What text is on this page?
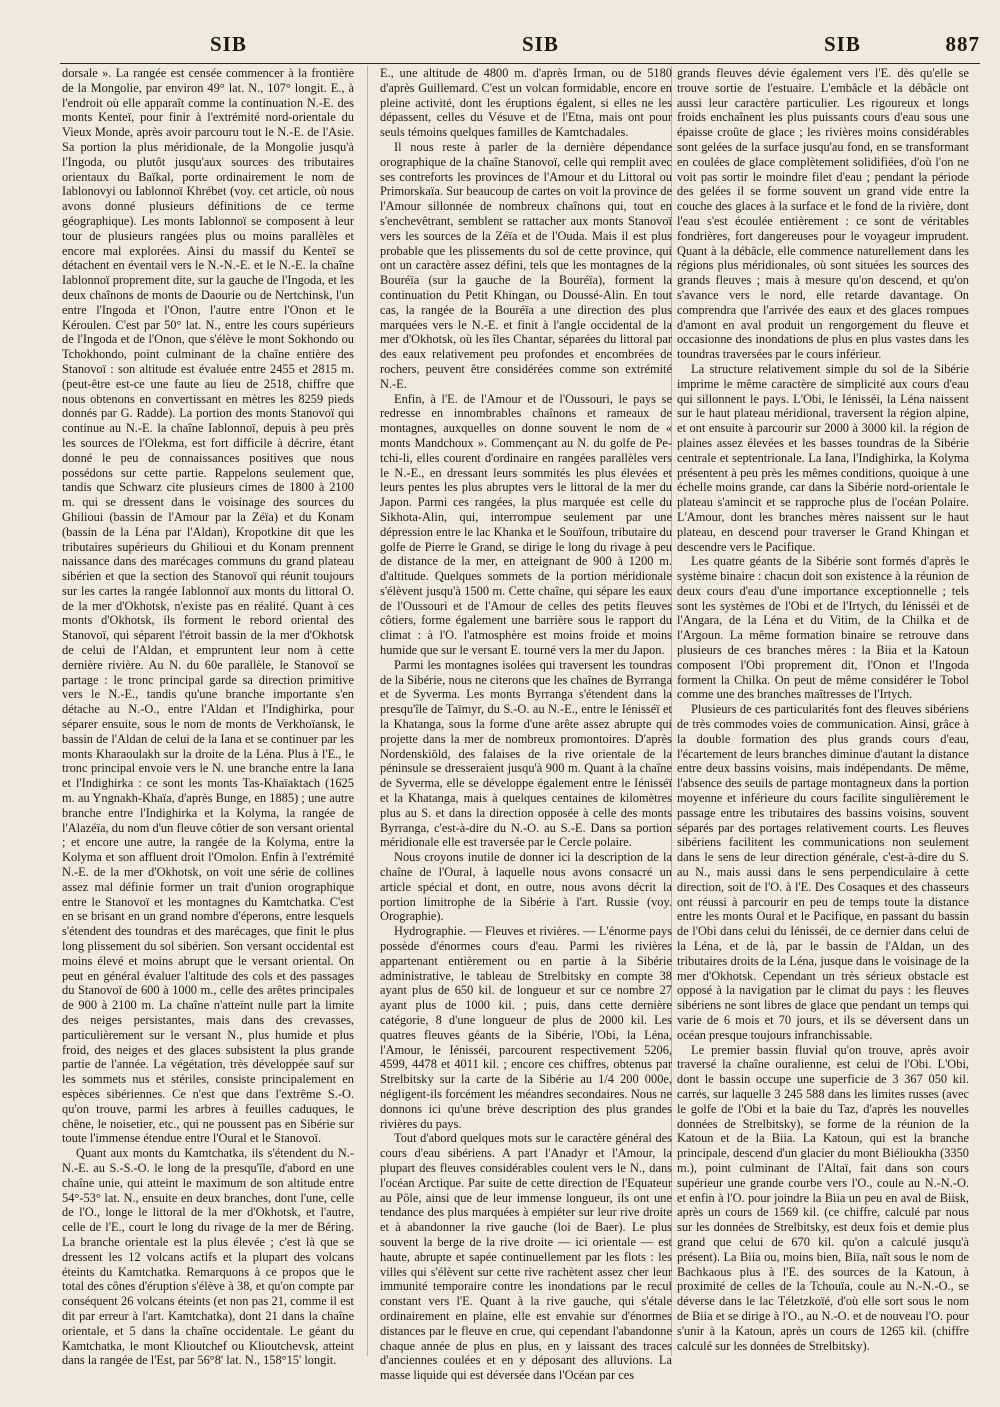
SIB	SIB	SIB	887

dorsale ». La rangée est censée commencer à la frontière de la Mongolie, par environ 49° lat. N., 107° longit. E., à l'endroit où elle apparaît comme la continuation N.-E. des monts Kenteï, pour finir à l'extrémité nord-orientale du Vieux Monde, après avoir parcouru tout le N.-E. de l'Asie. Sa portion la plus méridionale, de la Mongolie jusqu'à l'Ingoda, ou plutôt jusqu'aux sources des tributaires orientaux du Baïkal, porte ordinairement le nom de Iablonovyi ou Iablonnoï Khrébet (voy. cet article, où nous avons donné plusieurs définitions de ce terme géographique). Les monts Iablonnoï se composent à leur tour de plusieurs rangées plus ou moins parallèles et encore mal explorées. Ainsi du massif du Kenteï se détachent en éventail vers le N.-N.-E. et le N.-E. la chaîne Iablonnoï proprement dite, sur la gauche de l'Ingoda, et les deux chaînons de monts de Daourie ou de Nertchinsk, l'un entre l'Ingoda et l'Onon, l'autre entre l'Onon et le Kéroulen. C'est par 50° lat. N., entre les cours supérieurs de l'Ingoda et de l'Onon, que s'élève le mont Sokhondo ou Tchokhondo, point culminant de la chaîne entière des Stanovoï : son altitude est évaluée entre 2455 et 2815 m. (peut-être est-ce une faute au lieu de 2518, chiffre que nous obtenons en convertissant en mètres les 8259 pieds donnés par G. Radde). La portion des monts Stanovoï qui continue au N.-E. la chaîne Iablonnoï, depuis à peu près les sources de l'Olekma, est fort difficile à décrire, étant donné le peu de connaissances positives que nous possédons sur cette partie. Rappelons seulement que, tandis que Schwarz cite plusieurs cimes de 1800 à 2100 m. qui se dressent dans le voisinage des sources du Ghilioui (bassin de l'Amour par la Zéïa) et du Konam (bassin de la Léna par l'Aldan), Kropotkine dit que les tributaires supérieurs du Ghilioui et du Konam prennent naissance dans des marécages communs du grand plateau sibérien et que la section des Stanovoï qui réunit toujours sur les cartes la rangée Iablonnoï aux monts du littoral O. de la mer d'Okhotsk, n'existe pas en réalité. Quant à ces monts d'Okhotsk, ils forment le rebord oriental des Stanovoï, qui séparent l'étroit bassin de la mer d'Okhotsk de celui de l'Aldan, et empruntent leur nom à cette dernière rivière. Au N. du 60e parallèle, le Stanovoï se partage : le tronc principal garde sa direction primitive vers le N.-E., tandis qu'une branche importante s'en détache au N.-O., entre l'Aldan et l'Indighirka, pour séparer ensuite, sous le nom de monts de Verkhoïansk, le bassin de l'Aldan de celui de la Iana et se continuer par les monts Kharaoulakh sur la droite de la Léna. Plus à l'E., le tronc principal envoie vers le N. une branche entre la Iana et l'Indighirka : ce sont les monts Tas-Khaïaktach (1625 m. au Yngnakh-Khaïa, d'après Bunge, en 1885) ; une autre branche entre l'Indighirka et la Kolyma, la rangée de l'Alazéïa, du nom d'un fleuve côtier de son versant oriental ; et encore une autre, la rangée de la Kolyma, entre la Kolyma et son affluent droit l'Omolon. Enfin à l'extrémité N.-E. de la mer d'Okhotsk, on voit une série de collines assez mal définie former un trait d'union orographique entre le Stanovoï et les montagnes du Kamtchatka. C'est en se brisant en un grand nombre d'éperons, entre lesquels s'étendent des toundras et des marécages, que finit le plus long plissement du sol sibérien. Son versant occidental est moins élevé et moins abrupt que le versant oriental. On peut en général évaluer l'altitude des cols et des passages du Stanovoï de 600 à 1000 m., celle des arêtes principales de 900 à 2100 m. La chaîne n'atteint nulle part la limite des neiges persistantes, mais dans des crevasses, particulièrement sur le versant N., plus humide et plus froid, des neiges et des glaces subsistent la plus grande partie de l'année. La végétation, très développée sauf sur les sommets nus et stériles, consiste principalement en espèces sibériennes. Ce n'est que dans l'extrême S.-O. qu'on trouve, parmi les arbres à feuilles caduques, le chêne, le noisetier, etc., qui ne poussent pas en Sibérie sur toute l'immense étendue entre l'Oural et le Stanovoï.

Quant aux monts du Kamtchatka, ils s'étendent du N.-N.-E. au S.-S.-O. le long de la presqu'île, d'abord en une chaîne unie, qui atteint le maximum de son altitude entre 54°-53° lat. N., ensuite en deux branches, dont l'une, celle de l'O., longe le littoral de la mer d'Okhotsk, et l'autre, celle de l'E., court le long du rivage de la mer de Béring. La branche orientale est la plus élevée ; c'est là que se dressent les 12 volcans actifs et la plupart des volcans éteints du Kamtchatka. Remarquons à ce propos que le total des cônes d'éruption s'élève à 38, et qu'on compte par conséquent 26 volcans éteints (et non pas 21, comme il est dit par erreur à l'art. Kamtchatka), dont 21 dans la chaîne orientale, et 5 dans la chaîne occidentale. Le géant du Kamtchatka, le mont Klioutchef ou Klioutchevsk, atteint dans la rangée de l'Est, par 56°8' lat. N., 158°15' longit.

E., une altitude de 4800 m. d'après Irman, ou de 5180 d'après Guillemard. C'est un volcan formidable, encore en pleine activité, dont les éruptions égalent, si elles ne les dépassent, celles du Vésuve et de l'Etna, mais ont pour seuls témoins quelques familles de Kamtchadales.

Il nous reste à parler de la dernière dépendance orographique de la chaîne Stanovoï, celle qui remplit avec ses contreforts les provinces de l'Amour et du Littoral ou Primorskaïa. Sur beaucoup de cartes on voit la province de l'Amour sillonnée de nombreux chaînons qui, tout en s'enchevêtrant, semblent se rattacher aux monts Stanovoï vers les sources de la Zéïa et de l'Ouda. Mais il est plus probable que les plissements du sol de cette province, qui ont un caractère assez défini, tels que les montagnes de la Bouréïa (sur la gauche de la Bouréïa), forment la continuation du Petit Khingan, ou Doussé-Alin. En tout cas, la rangée de la Bouréïa a une direction des plus marquées vers le N.-E. et finit à l'angle occidental de la mer d'Okhotsk, où les îles Chantar, séparées du littoral par des eaux relativement peu profondes et encombrées de rochers, peuvent être considérées comme son extrémité N.-E.

Enfin, à l'E. de l'Amour et de l'Oussouri, le pays se redresse en innombrables chaînons et rameaux de montagnes, auxquelles on donne souvent le nom de « monts Mandchoux ». Commençant au N. du golfe de Pe-tchi-li, elles courent d'ordinaire en rangées parallèles vers le N.-E., en dressant leurs sommités les plus élevées et leurs pentes les plus abruptes vers le littoral de la mer du Japon. Parmi ces rangées, la plus marquée est celle du Sikhota-Alin, qui, interrompue seulement par une dépression entre le lac Khanka et le Souïfoun, tributaire du golfe de Pierre le Grand, se dirige le long du rivage à peu de distance de la mer, en atteignant de 900 à 1200 m. d'altitude. Quelques sommets de la portion méridionale s'élèvent jusqu'à 1500 m. Cette chaîne, qui sépare les eaux de l'Oussouri et de l'Amour de celles des petits fleuves côtiers, forme également une barrière sous le rapport du climat : à l'O. l'atmosphère est moins froide et moins humide que sur le versant E. tourné vers la mer du Japon.

Parmi les montagnes isolées qui traversent les toundras de la Sibérie, nous ne citerons que les chaînes de Byrranga et de Syverma. Les monts Byrranga s'étendent dans la presqu'île de Taïmyr, du S.-O. au N.-E., entre le Iénisséï et la Khatanga, sous la forme d'une arête assez abrupte qui projette dans la mer de nombreux promontoires. D'après Nordenskiöld, des falaises de la rive orientale de la péninsule se dresseraient jusqu'à 900 m. Quant à la chaîne de Syverma, elle se développe également entre le Iénisséï et la Khatanga, mais à quelques centaines de kilomètres plus au S. et dans la direction opposée à celle des monts Byrranga, c'est-à-dire du N.-O. au S.-E. Dans sa portion méridionale elle est traversée par le Cercle polaire.

Nous croyons inutile de donner ici la description de la chaîne de l'Oural, à laquelle nous avons consacré un article spécial et dont, en outre, nous avons décrit la portion limitrophe de la Sibérie à l'art. Russie (voy. Orographie).

Hydrographie. — Fleuves et rivières. — L'énorme pays possède d'énormes cours d'eau. Parmi les rivières appartenant entièrement ou en partie à la Sibérie administrative, le tableau de Strelbitsky en compte 38 ayant plus de 650 kil. de longueur et sur ce nombre 27 ayant plus de 1000 kil. ; puis, dans cette dernière catégorie, 8 d'une longueur de plus de 2000 kil. Les quatres fleuves géants de la Sibérie, l'Obi, la Léna, l'Amour, le Iénisséi, parcourent respectivement 5206, 4599, 4478 et 4011 kil. ; encore ces chiffres, obtenus par Strelbitsky sur la carte de la Sibérie au 1/4 200 000e, négligent-ils forcément les méandres secondaires. Nous ne donnons ici qu'une brève description des plus grandes rivières du pays.

Tout d'abord quelques mots sur le caractère général des cours d'eau sibériens. A part l'Anadyr et l'Amour, la plupart des fleuves considérables coulent vers le N., dans l'océan Arctique. Par suite de cette direction de l'Equateur au Pôle, ainsi que de leur immense longueur, ils ont une tendance des plus marquées à empiéter sur leur rive droite et à abandonner la rive gauche (loi de Baer). Le plus souvent la berge de la rive droite — ici orientale — est haute, abrupte et sapée continuellement par les flots : les villes qui s'élèvent sur cette rive rachètent assez cher leur immunité temporaire contre les inondations par le recul constant vers l'E. Quant à la rive gauche, qui s'étale ordinairement en plaine, elle est envahie sur d'énormes distances par le fleuve en crue, qui cependant l'abandonne chaque année de plus en plus, en y laissant des traces d'anciennes coulées et en y déposant des alluvions. La masse liquide qui est déversée dans l'Océan par ces

grands fleuves dévie également vers l'E. dès qu'elle se trouve sortie de l'estuaire. L'embâcle et la débâcle ont aussi leur caractère particulier. Les rigoureux et longs froids enchaînent les plus puissants cours d'eau sous une épaisse croûte de glace ; les rivières moins considérables sont gelées de la surface jusqu'au fond, en se transformant en coulées de glace complètement solidifiées, d'où l'on ne voit pas sortir le moindre filet d'eau ; pendant la période des gelées il se forme souvent un grand vide entre la couche des glaces à la surface et le fond de la rivière, dont l'eau s'est écoulée entièrement : ce sont de véritables fondrières, fort dangereuses pour le voyageur imprudent. Quant à la débâcle, elle commence naturellement dans les régions plus méridionales, où sont situées les sources des grands fleuves ; mais à mesure qu'on descend, et qu'on s'avance vers le nord, elle retarde davantage. On comprendra que l'arrivée des eaux et des glaces rompues d'amont en aval produit un rengorgement du fleuve et occasionne des inondations de plus en plus vastes dans les toundras traversées par le cours inférieur.

La structure relativement simple du sol de la Sibérie imprime le même caractère de simplicité aux cours d'eau qui sillonnent le pays. L'Obi, le Iénisséi, la Léna naissent sur le haut plateau méridional, traversent la région alpine, et ont ensuite à parcourir sur 2000 à 3000 kil. la région de plaines assez élevées et les basses toundras de la Sibérie centrale et septentrionale. La Iana, l'Indighirka, la Kolyma présentent à peu près les mêmes conditions, quoique à une échelle moins grande, car dans la Sibérie nord-orientale le plateau s'amincit et se rapproche plus de l'océan Polaire. L'Amour, dont les branches mères naissent sur le haut plateau, en descend pour traverser le Grand Khingan et descendre vers le Pacifique.

Les quatre géants de la Sibérie sont formés d'après le système binaire : chacun doit son existence à la réunion de deux cours d'eau d'une importance exceptionnelle ; tels sont les systèmes de l'Obi et de l'Irtych, du Iénisséi et de l'Angara, de la Léna et du Vitim, de la Chilka et de l'Argoun. La même formation binaire se retrouve dans plusieurs de ces branches mères : la Biia et la Katoun composent l'Obi proprement dit, l'Onon et l'Ingoda forment la Chilka. On peut de même considérer le Tobol comme une des branches maîtresses de l'Irtych.

Plusieurs de ces particularités font des fleuves sibériens de très commodes voies de communication. Ainsi, grâce à la double formation des plus grands cours d'eau, l'écartement de leurs branches diminue d'autant la distance entre deux bassins voisins, mais indépendants. De même, l'absence des seuils de partage montagneux dans la portion moyenne et inférieure du cours facilite singulièrement le passage entre les tributaires des bassins voisins, souvent séparés par des portages relativement courts. Les fleuves sibériens facilitent les communications non seulement dans le sens de leur direction générale, c'est-à-dire du S. au N., mais aussi dans le sens perpendiculaire à cette direction, soit de l'O. à l'E. Des Cosaques et des chasseurs ont réussi à parcourir en peu de temps toute la distance entre les monts Oural et le Pacifique, en passant du bassin de l'Obi dans celui du Iénisséi, de ce dernier dans celui de la Léna, et de là, par le bassin de l'Aldan, un des tributaires droits de la Léna, jusque dans le voisinage de la mer d'Okhotsk. Cependant un très sérieux obstacle est opposé à la navigation par le climat du pays : les fleuves sibériens ne sont libres de glace que pendant un temps qui varie de 6 mois et 70 jours, et ils se déversent dans un océan presque toujours infranchissable.

Le premier bassin fluvial qu'on trouve, après avoir traversé la chaîne ouralienne, est celui de l'Obi. L'Obi, dont le bassin occupe une superficie de 3 367 050 kil. carrés, sur laquelle 3 245 588 dans les limites russes (avec le golfe de l'Obi et la baie du Taz, d'après les nouvelles données de Strelbitsky), se forme de la réunion de la Katoun et de la Biia. La Katoun, qui est la branche principale, descend d'un glacier du mont Biélioukha (3350 m.), point culminant de l'Altaï, fait dans son cours supérieur une grande courbe vers l'O., coule au N.-N.-O. et enfin à l'O. pour joindre la Biia un peu en aval de Biisk, après un cours de 1569 kil. (ce chiffre, calculé par nous sur les données de Strelbitsky, est deux fois et demie plus grand que celui de 670 kil. qu'on a calculé jusqu'à présent). La Biia ou, moins bien, Biïa, naît sous le nom de Bachkaous plus à l'E. des sources de la Katoun, à proximité de celles de la Tchouïa, coule au N.-N.-O., se déverse dans le lac Téletzkoïé, d'où elle sort sous le nom de Biia et se dirige à l'O., au N.-O. et de nouveau l'O. pour s'unir à la Katoun, après un cours de 1265 kil. (chiffre calculé sur les données de Strelbitsky).
